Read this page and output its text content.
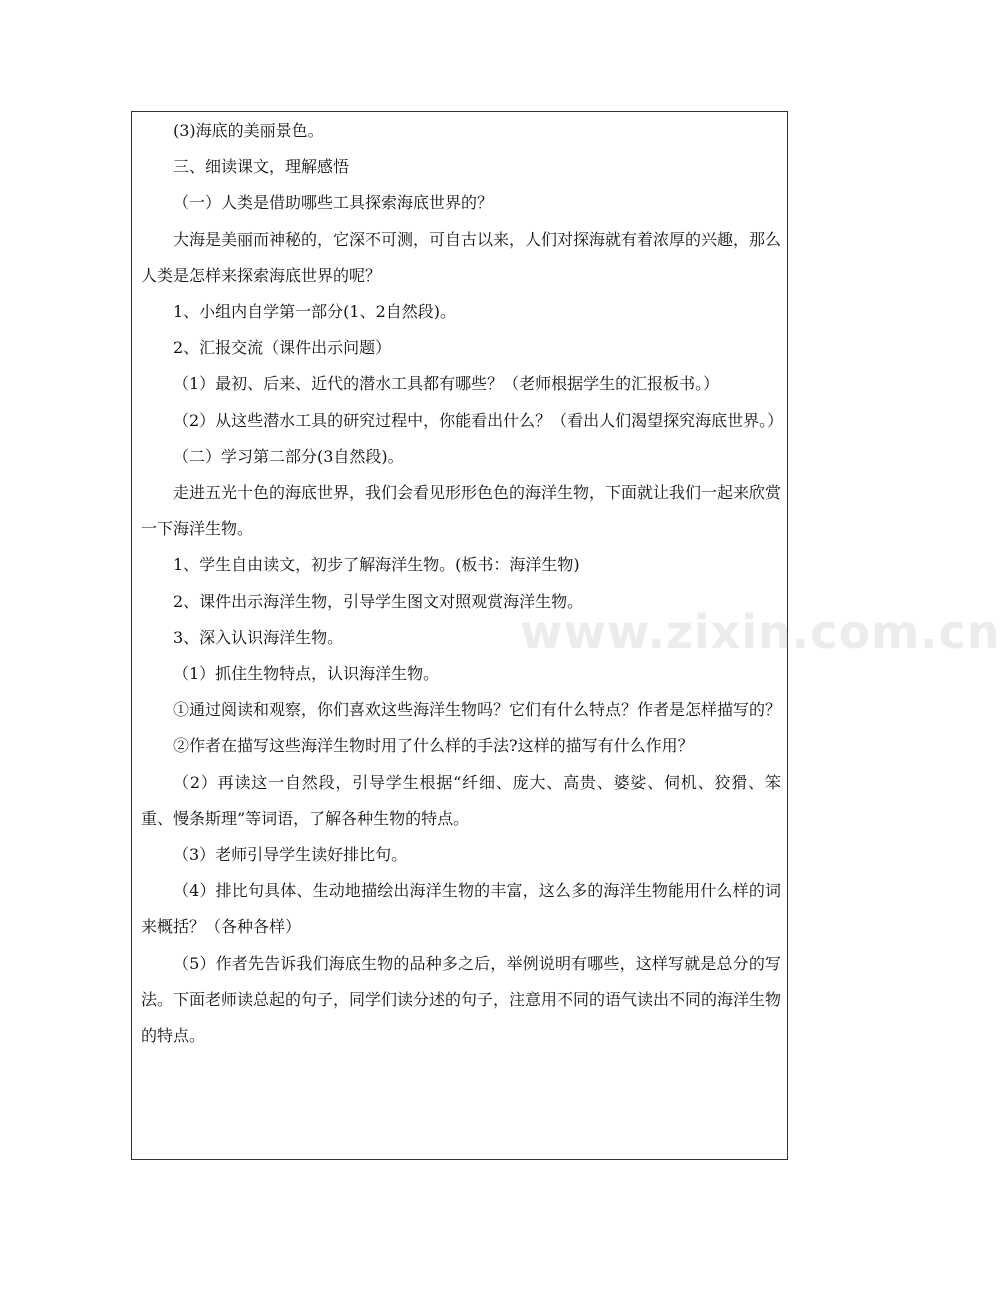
(3)海底的美丽景色。

三、细读课文，理解感悟

（一）人类是借助哪些工具探索海底世界的？

大海是美丽而神秘的，它深不可测，可自古以来，人们对探海就有着浓厚的兴趣，那么人类是怎样来探索海底世界的呢？

1、小组内自学第一部分(1、2自然段)。

2、汇报交流（课件出示问题）

（1）最初、后来、近代的潜水工具都有哪些？（老师根据学生的汇报板书。）

（2）从这些潜水工具的研究过程中，你能看出什么？（看出人们渴望探究海底世界。）

（二）学习第二部分(3自然段)。

走进五光十色的海底世界，我们会看见形形色色的海洋生物，下面就让我们一起来欣赏一下海洋生物。

1、学生自由读文，初步了解海洋生物。(板书：海洋生物)

2、课件出示海洋生物，引导学生图文对照观赏海洋生物。

3、深入认识海洋生物。

（1）抓住生物特点，认识海洋生物。

①通过阅读和观察，你们喜欢这些海洋生物吗？它们有什么特点？作者是怎样描写的？

②作者在描写这些海洋生物时用了什么样的手法?这样的描写有什么作用？

（2）再读这一自然段，引导学生根据“纤细、庞大、高贵、婆娑、伺机、狡猾、笨重、慢条斯理”等词语，了解各种生物的特点。

（3）老师引导学生读好排比句。

（4）排比句具体、生动地描绘出海洋生物的丰富，这么多的海洋生物能用什么样的词来概括？（各种各样）

（5）作者先告诉我们海底生物的品种多之后，举例说明有哪些，这样写就是总分的写法。下面老师读总起的句子，同学们读分述的句子，注意用不同的语气读出不同的海洋生物的特点。

www.zixin.com.cn
